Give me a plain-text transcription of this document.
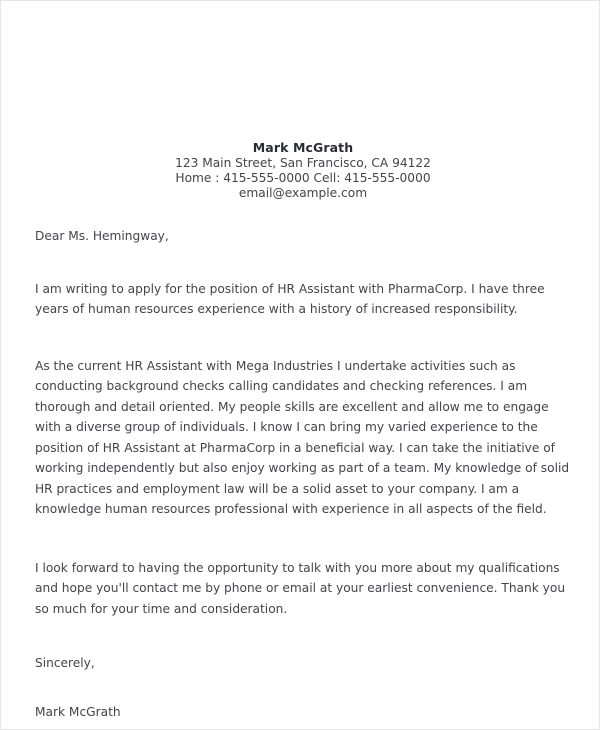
Mark McGrath
123 Main Street, San Francisco, CA 94122
Home : 415-555-0000 Cell: 415-555-0000
email@example.com
Dear Ms. Hemingway,
I am writing to apply for the position of HR Assistant with PharmaCorp. I have three years of human resources experience with a history of increased responsibility.
As the current HR Assistant with Mega Industries I undertake activities such as conducting background checks calling candidates and checking references. I am thorough and detail oriented. My people skills are excellent and allow me to engage with a diverse group of individuals. I know I can bring my varied experience to the position of HR Assistant at PharmaCorp in a beneficial way. I can take the initiative of working independently but also enjoy working as part of a team. My knowledge of solid HR practices and employment law will be a solid asset to your company. I am a knowledge human resources professional with experience in all aspects of the field.
I look forward to having the opportunity to talk with you more about my qualifications and hope you'll contact me by phone or email at your earliest convenience. Thank you so much for your time and consideration.
Sincerely,
Mark McGrath
